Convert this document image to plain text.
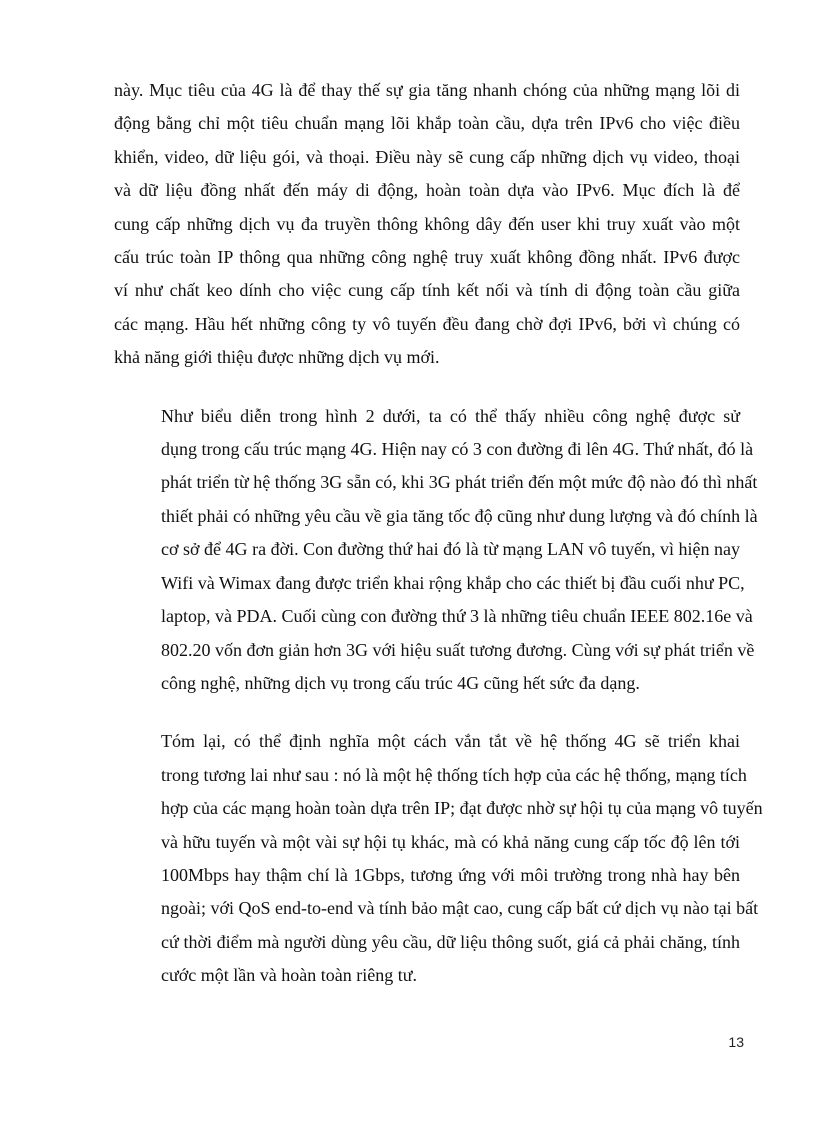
này. Mục tiêu của 4G là để thay thế sự gia tăng nhanh chóng của những mạng lõi di
động bằng chỉ một tiêu chuẩn mạng lõi khắp toàn cầu, dựa trên IPv6 cho việc điều
khiển, video, dữ liệu gói, và thoại. Điều này sẽ cung cấp những dịch vụ video, thoại
và dữ liệu đồng nhất đến máy di động, hoàn toàn dựa vào IPv6. Mục đích là để
cung cấp những dịch vụ đa truyền thông không dây đến user khi truy xuất vào một
cấu trúc toàn IP thông qua những công nghệ truy xuất không đồng nhất. IPv6 được
ví như chất keo dính cho việc cung cấp tính kết nối và tính di động toàn cầu giữa
các mạng. Hầu hết những công ty vô tuyến đều đang chờ đợi IPv6, bởi vì chúng có
khả năng giới thiệu được những dịch vụ mới.
Như biểu diễn trong hình 2 dưới, ta có thể thấy nhiều công nghệ được sử
dụng trong cấu trúc mạng 4G. Hiện nay có 3 con đường đi lên 4G. Thứ nhất, đó là
phát triển từ hệ thống 3G sẵn có, khi 3G phát triển đến một mức độ nào đó thì nhất
thiết phải có những yêu cầu về gia tăng tốc độ cũng như dung lượng và đó chính là
cơ sở để 4G ra đời. Con đường thứ hai đó là từ mạng LAN vô tuyến, vì hiện nay
Wifi và Wimax đang được triển khai rộng khắp cho các thiết bị đầu cuối như PC,
laptop, và PDA. Cuối cùng con đường thứ 3 là những tiêu chuẩn IEEE 802.16e và
802.20 vốn đơn giản hơn 3G với hiệu suất tương đương. Cùng với sự phát triển về
công nghệ, những dịch vụ trong cấu trúc 4G cũng hết sức đa dạng.
Tóm lại, có thể định nghĩa một cách vắn tắt về hệ thống 4G sẽ triển khai
trong tương lai như sau : nó là một hệ thống tích hợp của các hệ thống, mạng tích
hợp của các mạng hoàn toàn dựa trên IP; đạt được nhờ sự hội tụ của mạng vô tuyến
và hữu tuyến và một vài sự hội tụ khác, mà có khả năng cung cấp tốc độ lên tới
100Mbps hay thậm chí là 1Gbps, tương ứng với môi trường trong nhà hay bên
ngoài; với QoS end-to-end và tính bảo mật cao, cung cấp bất cứ dịch vụ nào tại bất
cứ thời điểm mà người dùng yêu cầu, dữ liệu thông suốt, giá cả phải chăng, tính
cước một lần và hoàn toàn riêng tư.
13
